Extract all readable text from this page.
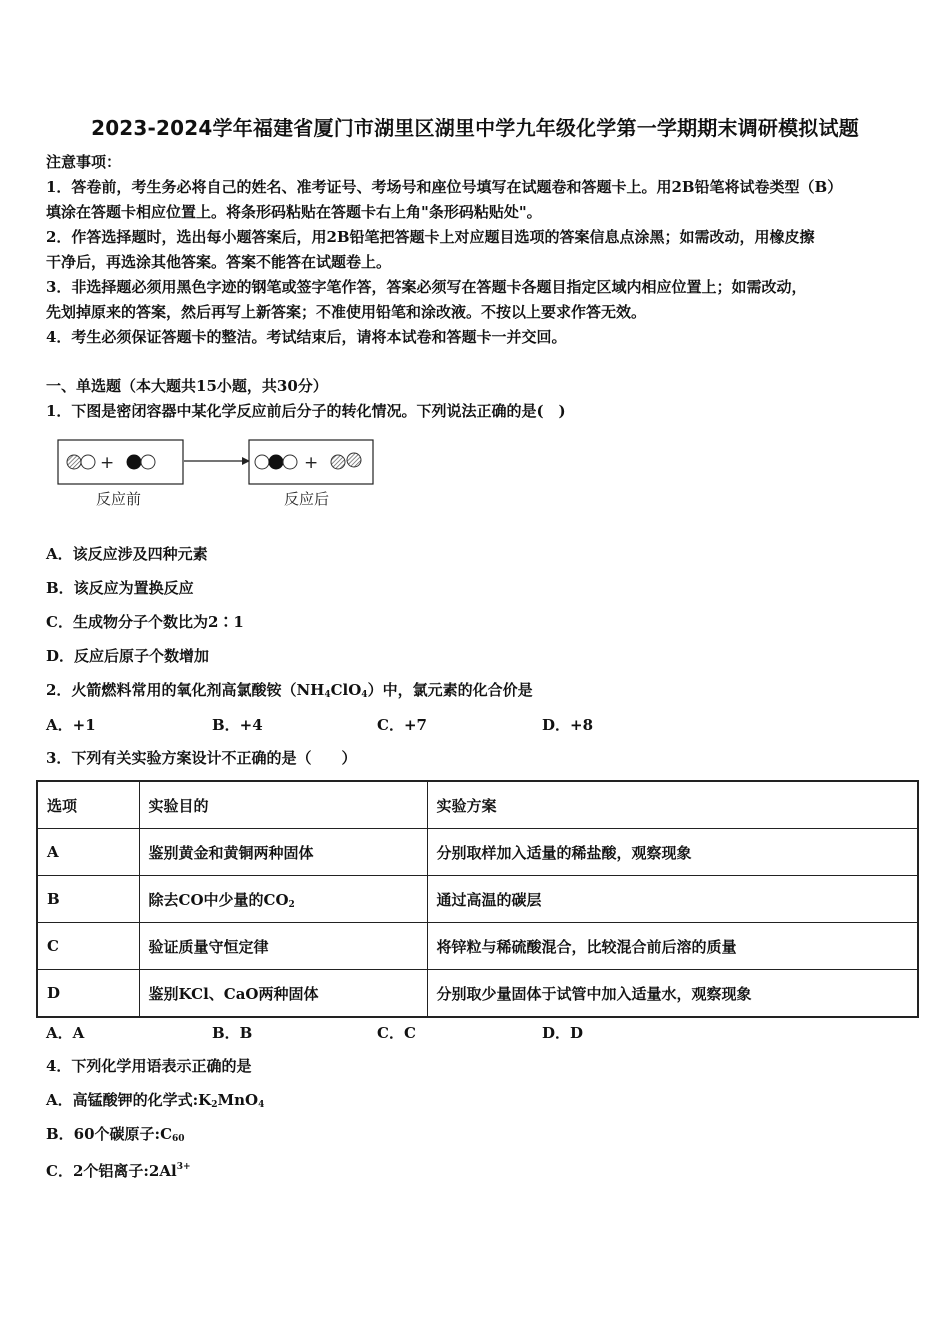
2023-2024学年福建省厦门市湖里区湖里中学九年级化学第一学期期末调研模拟试题
注意事项：
1．答卷前，考生务必将自己的姓名、准考证号、考场号和座位号填写在试题卷和答题卡上。用2B铅笔将试卷类型（B）
填涂在答题卡相应位置上。将条形码粘贴在答题卡右上角"条形码粘贴处"。
2．作答选择题时，选出每小题答案后，用2B铅笔把答题卡上对应题目选项的答案信息点涂黑；如需改动，用橡皮擦
干净后，再选涂其他答案。答案不能答在试题卷上。
3．非选择题必须用黑色字迹的钢笔或签字笔作答，答案必须写在答题卡各题目指定区域内相应位置上；如需改动，
先划掉原来的答案，然后再写上新答案；不准使用铅笔和涂改液。不按以上要求作答无效。
4．考生必须保证答题卡的整洁。考试结束后，请将本试卷和答题卡一并交回。
一、单选题（本大题共15小题，共30分）
1．下图是密闭容器中某化学反应前后分子的转化情况。下列说法正确的是(　)
+	+
反应前	反应后
A．该反应涉及四种元素
B．该反应为置换反应
C．生成物分子个数比为2∶1
D．反应后原子个数增加
2．火箭燃料常用的氧化剂高氯酸铵$(NH_4ClO_4)$中，氯元素的化合价是
A．+1	B．+4	C．+7	D．+8
3．下列有关实验方案设计不正确的是（　　）
选项	实验目的	实验方案
A	鉴别黄金和黄铜两种固体	分别取样加入适量的稀盐酸，观察现象
B	除去CO中少量的$CO_2$	通过高温的碳层
C	验证质量守恒定律	将锌粒与稀硫酸混合，比较混合前后溶的质量
D	鉴别KCl、CaO两种固体	分别取少量固体于试管中加入适量水，观察现象
A．A	B．B	C．C	D．D
4．下列化学用语表示正确的是
A．高锰酸钾的化学式$:K_2MnO_4$
B．60个碳原子$:C_{60}$
C．2个铝离子$:2Al^{3+}$
